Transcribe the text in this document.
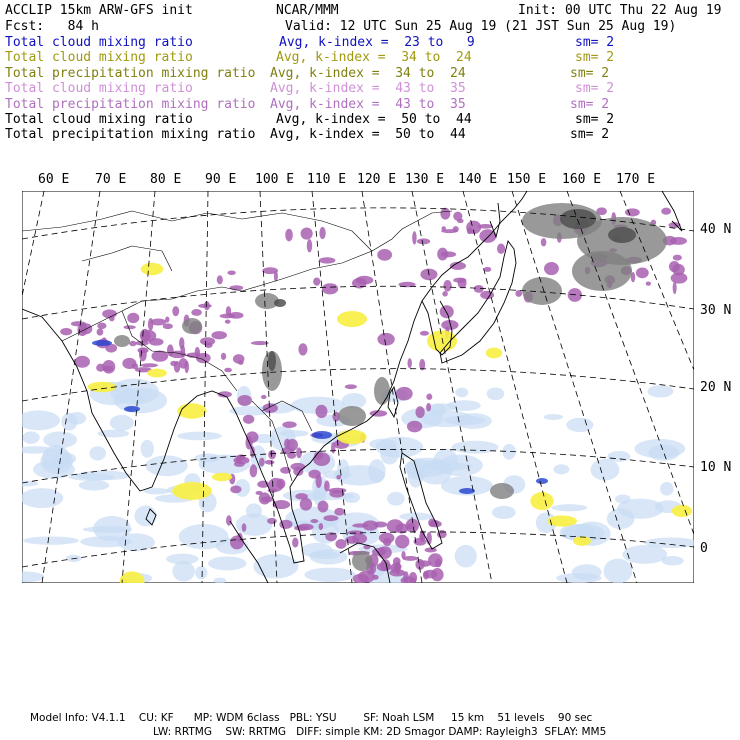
ACCLIP 15km ARW-GFS init	NCAR/MMM	Init: 00 UTC Thu 22 Aug 19
Fcst:   84 h	Valid: 12 UTC Sun 25 Aug 19 (21 JST Sun 25 Aug 19)
Total cloud mixing ratio	Avg, k-index =  23 to   9	sm= 2
Total cloud mixing ratio	Avg, k-index =  34 to  24	sm= 2
Total precipitation mixing ratio Avg, k-index =  34 to  24	sm= 2
Total cloud mixing ratio	Avg, k-index =  43 to  35	sm= 2
Total precipitation mixing ratio Avg, k-index =  43 to  35	sm= 2
Total cloud mixing ratio	Avg, k-index =  50 to  44	sm= 2
Total precipitation mixing ratio Avg, k-index =  50 to  44	sm= 2
60 E 70 E 80 E 90 E 100 E 110 E 120 E 130 E 140 E 150 E 160 E 170 E
40 N
30 N
20 N
10 N
0
Model Info: V4.1.1    CU: KF      MP: WDM 6class   PBL: YSU        SF: Noah LSM     15 km    51 levels    90 sec
LW: RRTMG    SW: RRTMG   DIFF: simple KM: 2D Smagor DAMP: Rayleigh3  SFLAY: MM5
